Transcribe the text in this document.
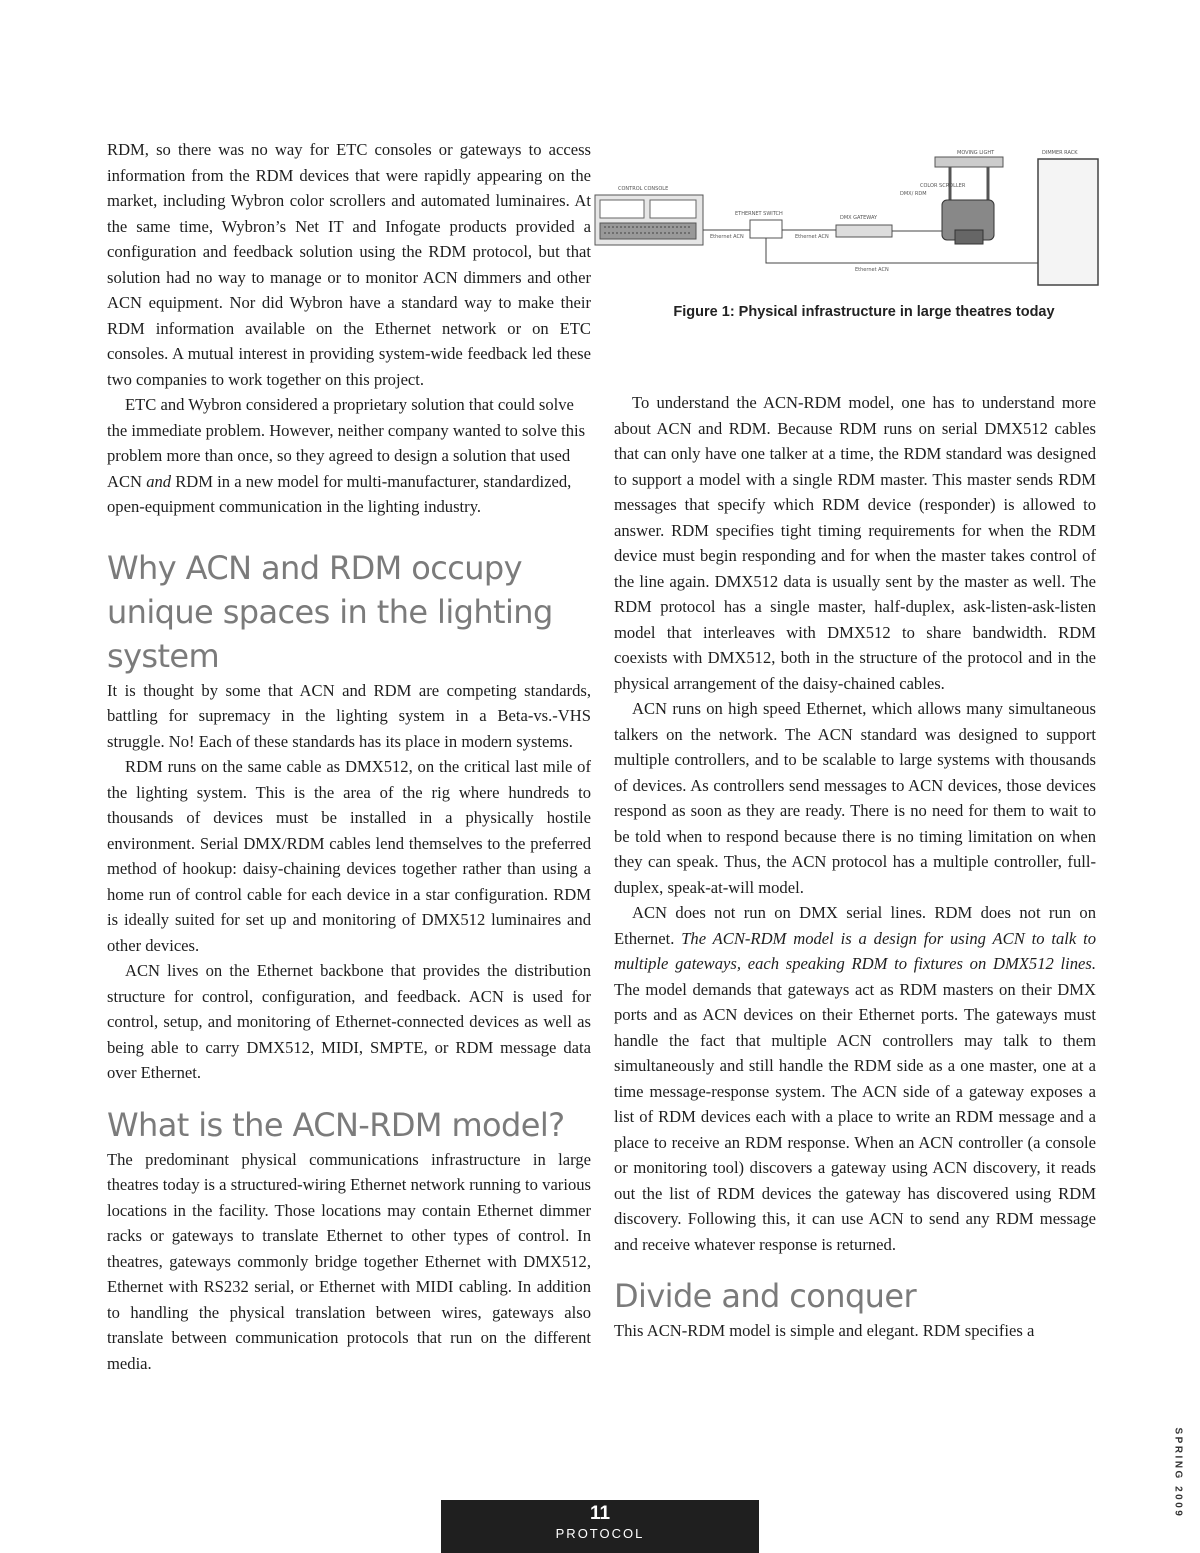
RDM, so there was no way for ETC consoles or gateways to access information from the RDM devices that were rapidly appearing on the market, including Wybron color scrollers and automated luminaires. At the same time, Wybron’s Net IT and Infogate products provided a configuration and feedback solution using the RDM protocol, but that solution had no way to manage or to monitor ACN dimmers and other ACN equipment. Nor did Wybron have a standard way to make their RDM information available on the Ethernet network or on ETC consoles. A mutual interest in providing system-wide feedback led these two companies to work together on this project.

ETC and Wybron considered a proprietary solution that could solve the immediate problem. However, neither company wanted to solve this problem more than once, so they agreed to design a solution that used ACN and RDM in a new model for multi-manufacturer, standardized, open-equipment communication in the lighting industry.

Why ACN and RDM occupy unique spaces in the lighting system

It is thought by some that ACN and RDM are competing standards, battling for supremacy in the lighting system in a Beta-vs.-VHS struggle. No! Each of these standards has its place in modern systems.

RDM runs on the same cable as DMX512, on the critical last mile of the lighting system. This is the area of the rig where hundreds to thousands of devices must be installed in a physically hostile environment. Serial DMX/RDM cables lend themselves to the preferred method of hookup: daisy-chaining devices together rather than using a home run of control cable for each device in a star configuration. RDM is ideally suited for set up and monitoring of DMX512 luminaires and other devices.

ACN lives on the Ethernet backbone that provides the distribution structure for control, configuration, and feedback. ACN is used for control, setup, and monitoring of Ethernet-connected devices as well as being able to carry DMX512, MIDI, SMPTE, or RDM message data over Ethernet.

What is the ACN-RDM model?

The predominant physical communications infrastructure in large theatres today is a structured-wiring Ethernet network running to various locations in the facility. Those locations may contain Ethernet dimmer racks or gateways to translate Ethernet to other types of control. In theatres, gateways commonly bridge together Ethernet with DMX512, Ethernet with RS232 serial, or Ethernet with MIDI cabling. In addition to handling the physical translation between wires, gateways also translate between communication protocols that run on the different media.

CONTROL CONSOLE
ETHERNET SWITCH
DMX GATEWAY
MOVING LIGHT
COLOR SCROLLER
DMX/ RDM
DIMMER RACK
Ethernet ACN	Ethernet ACN
Ethernet ACN
Figure 1: Physical infrastructure in large theatres today

To understand the ACN-RDM model, one has to understand more about ACN and RDM. Because RDM runs on serial DMX512 cables that can only have one talker at a time, the RDM standard was designed to support a model with a single RDM master. This master sends RDM messages that specify which RDM device (responder) is allowed to answer. RDM specifies tight timing requirements for when the RDM device must begin responding and for when the master takes control of the line again. DMX512 data is usually sent by the master as well. The RDM protocol has a single master, half-duplex, ask-listen-ask-listen model that interleaves with DMX512 to share bandwidth. RDM coexists with DMX512, both in the structure of the protocol and in the physical arrangement of the daisy-chained cables.

ACN runs on high speed Ethernet, which allows many simultaneous talkers on the network. The ACN standard was designed to support multiple controllers, and to be scalable to large systems with thousands of devices. As controllers send messages to ACN devices, those devices respond as soon as they are ready. There is no need for them to wait to be told when to respond because there is no timing limitation on when they can speak. Thus, the ACN protocol has a multiple controller, full-duplex, speak-at-will model.

ACN does not run on DMX serial lines. RDM does not run on Ethernet. The ACN-RDM model is a design for using ACN to talk to multiple gateways, each speaking RDM to fixtures on DMX512 lines. The model demands that gateways act as RDM masters on their DMX ports and as ACN devices on their Ethernet ports. The gateways must handle the fact that multiple ACN controllers may talk to them simultaneously and still handle the RDM side as a one master, one at a time message-response system. The ACN side of a gateway exposes a list of RDM devices each with a place to write an RDM message and a place to receive an RDM response. When an ACN controller (a console or monitoring tool) discovers a gateway using ACN discovery, it reads out the list of RDM devices the gateway has discovered using RDM discovery. Following this, it can use ACN to send any RDM message and receive whatever response is returned.

Divide and conquer

This ACN-RDM model is simple and elegant. RDM specifies a

SPRING 2009
11
PROTOCOL
